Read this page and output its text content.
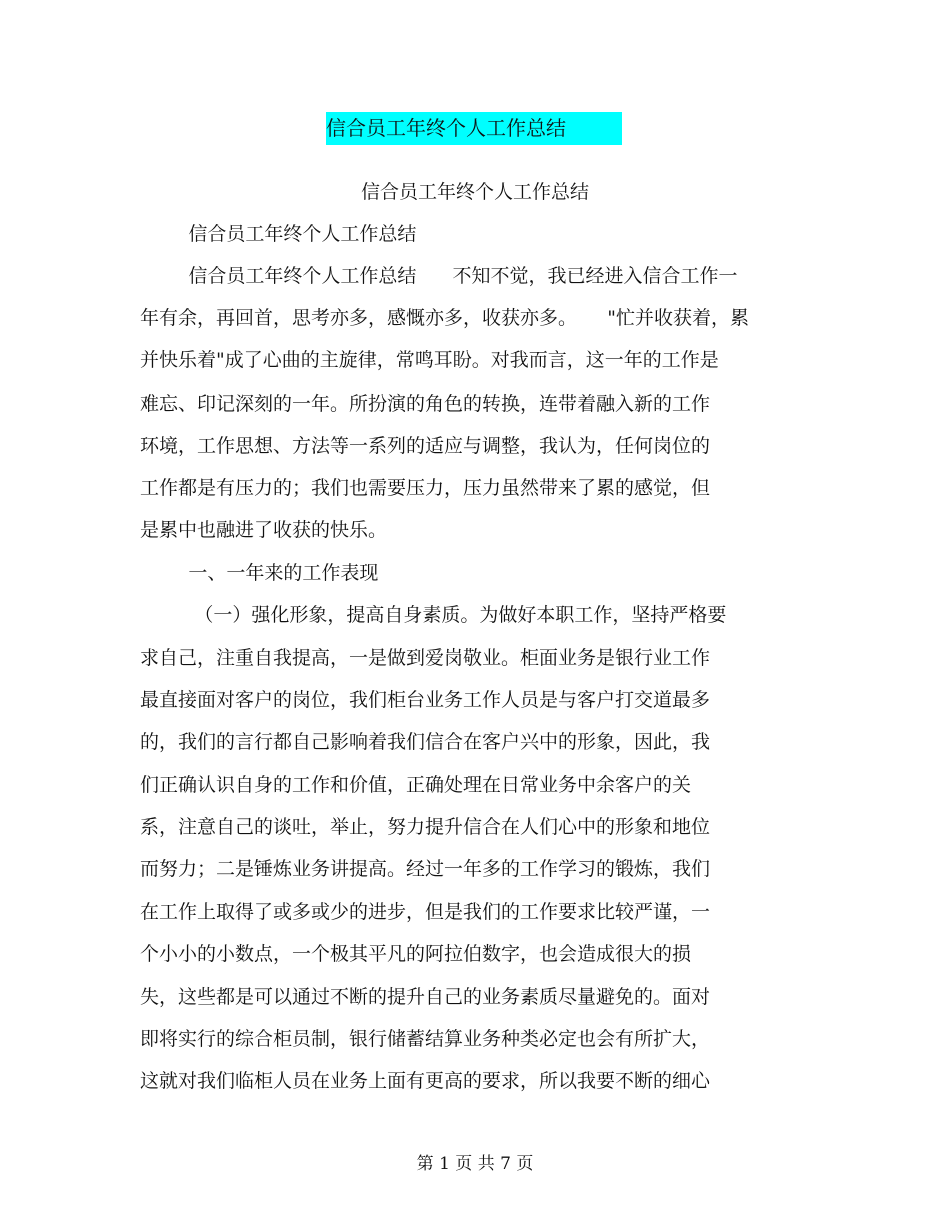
信合员工年终个人工作总结
信合员工年终个人工作总结
信合员工年终个人工作总结
信合员工年终个人工作总结      不知不觉，我已经进入信合工作一
年有余，再回首，思考亦多，感慨亦多，收获亦多。     "忙并收获着，累
并快乐着"成了心曲的主旋律，常鸣耳盼。对我而言，这一年的工作是
难忘、印记深刻的一年。所扮演的角色的转换，连带着融入新的工作
环境，工作思想、方法等一系列的适应与调整，我认为，任何岗位的
工作都是有压力的；我们也需要压力，压力虽然带来了累的感觉，但
是累中也融进了收获的快乐。
一、一年来的工作表现
（一）强化形象，提高自身素质。为做好本职工作，坚持严格要
求自己，注重自我提高，一是做到爱岗敬业。柜面业务是银行业工作
最直接面对客户的岗位，我们柜台业务工作人员是与客户打交道最多
的，我们的言行都自己影响着我们信合在客户兴中的形象，因此，我
们正确认识自身的工作和价值，正确处理在日常业务中余客户的关
系，注意自己的谈吐，举止，努力提升信合在人们心中的形象和地位
而努力；二是锤炼业务讲提高。经过一年多的工作学习的锻炼，我们
在工作上取得了或多或少的进步，但是我们的工作要求比较严谨，一
个小小的小数点，一个极其平凡的阿拉伯数字，也会造成很大的损
失，这些都是可以通过不断的提升自己的业务素质尽量避免的。面对
即将实行的综合柜员制，银行储蓄结算业务种类必定也会有所扩大，
这就对我们临柜人员在业务上面有更高的要求，所以我要不断的细心
第 1 页 共 7 页
